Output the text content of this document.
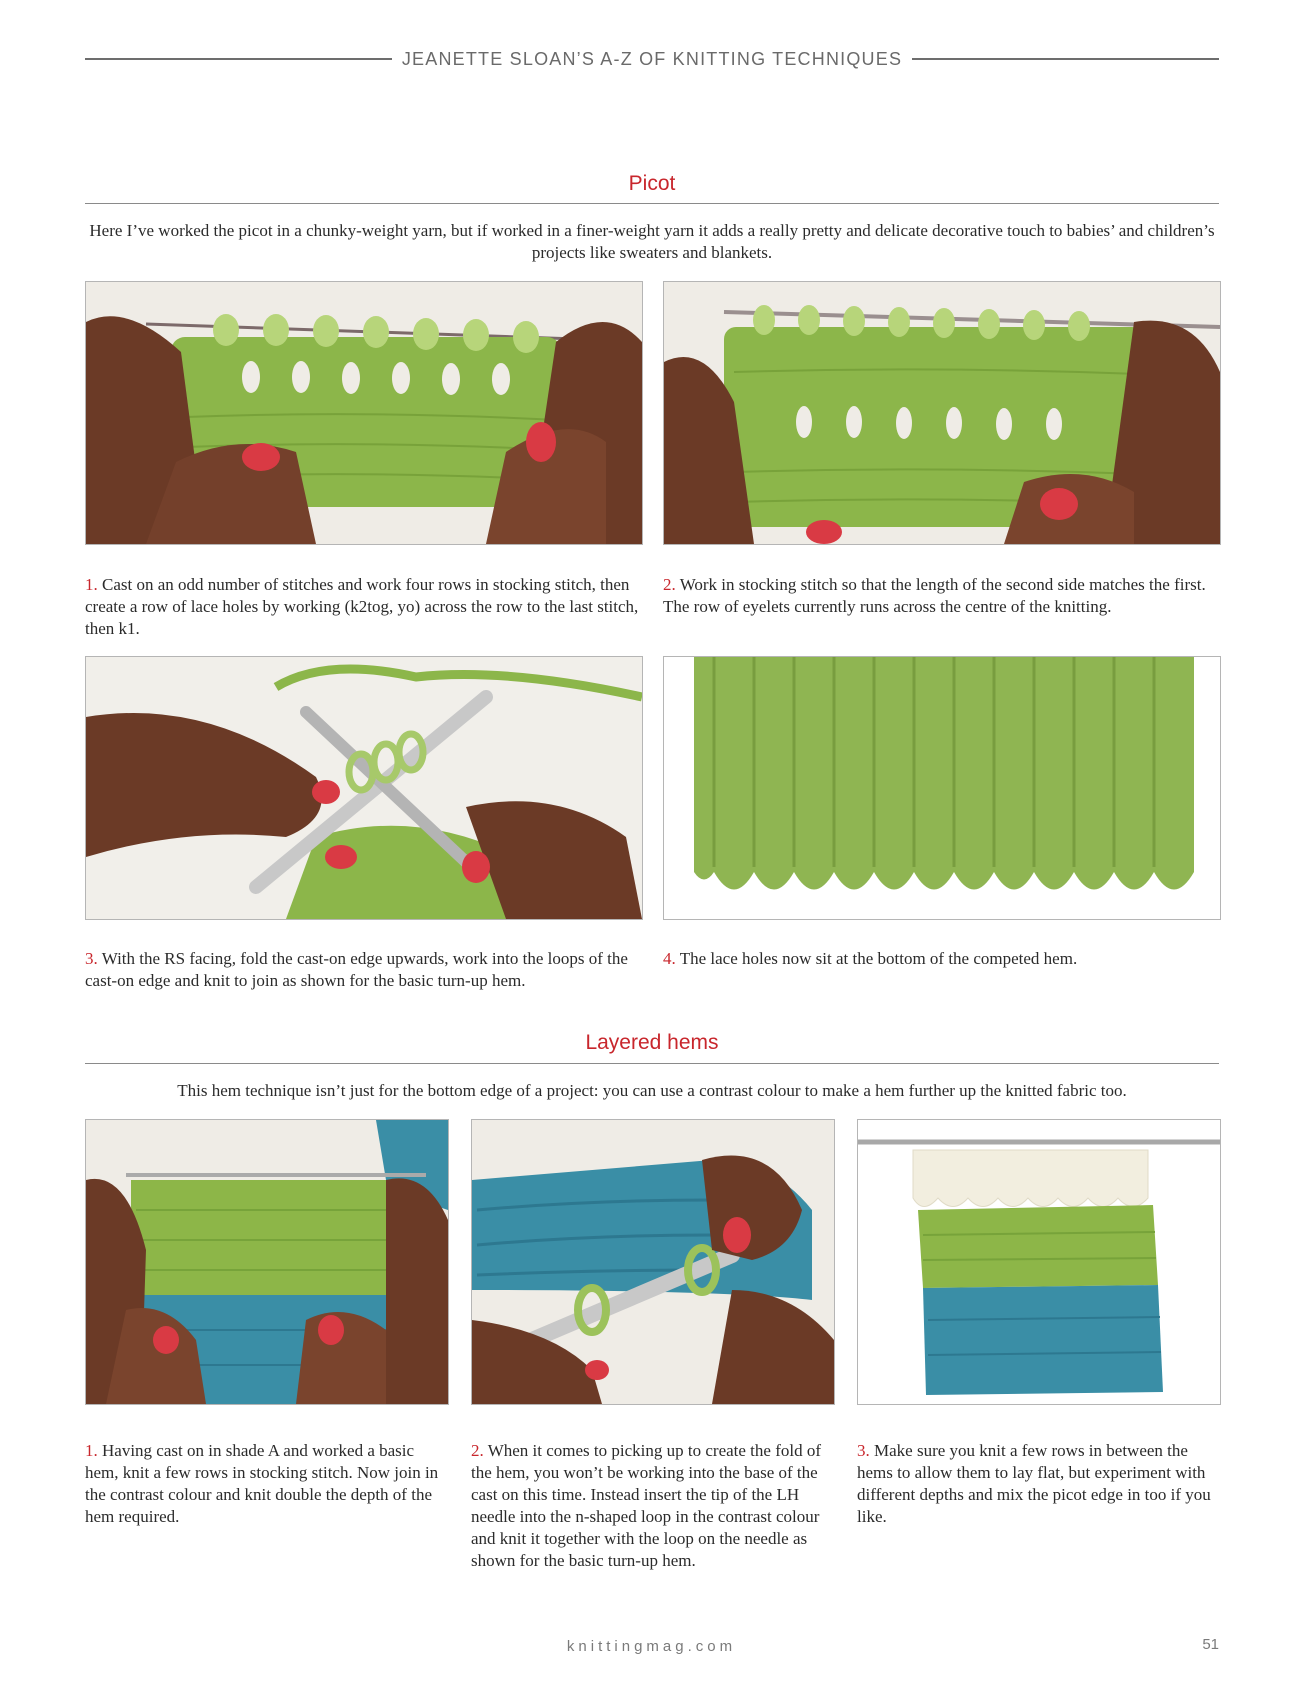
JEANETTE SLOAN’S A-Z OF KNITTING TECHNIQUES
Picot
Here I’ve worked the picot in a chunky-weight yarn, but if worked in a finer-weight yarn it adds a really pretty and delicate decorative touch to babies’ and children’s projects like sweaters and blankets.
1. Cast on an odd number of stitches and work four rows in stocking stitch, then create a row of lace holes by working (k2tog, yo) across the row to the last stitch, then k1.
2. Work in stocking stitch so that the length of the second side matches the first. The row of eyelets currently runs across the centre of the knitting.
3. With the RS facing, fold the cast-on edge upwards, work into the loops of the cast-on edge and knit to join as shown for the basic turn-up hem.
4. The lace holes now sit at the bottom of the competed hem.
Layered hems
This hem technique isn’t just for the bottom edge of a project: you can use a contrast colour to make a hem further up the knitted fabric too.
1. Having cast on in shade A and worked a basic hem, knit a few rows in stocking stitch. Now join in the contrast colour and knit double the depth of the hem required.
2. When it comes to picking up to create the fold of the hem, you won’t be working into the base of the cast on this time. Instead insert the tip of the LH needle into the n-shaped loop in the contrast colour and knit it together with the loop on the needle as shown for the basic turn-up hem.
3. Make sure you knit a few rows in between the hems to allow them to lay flat, but experiment with different depths and mix the picot edge in too if you like.
knittingmag.com	51
